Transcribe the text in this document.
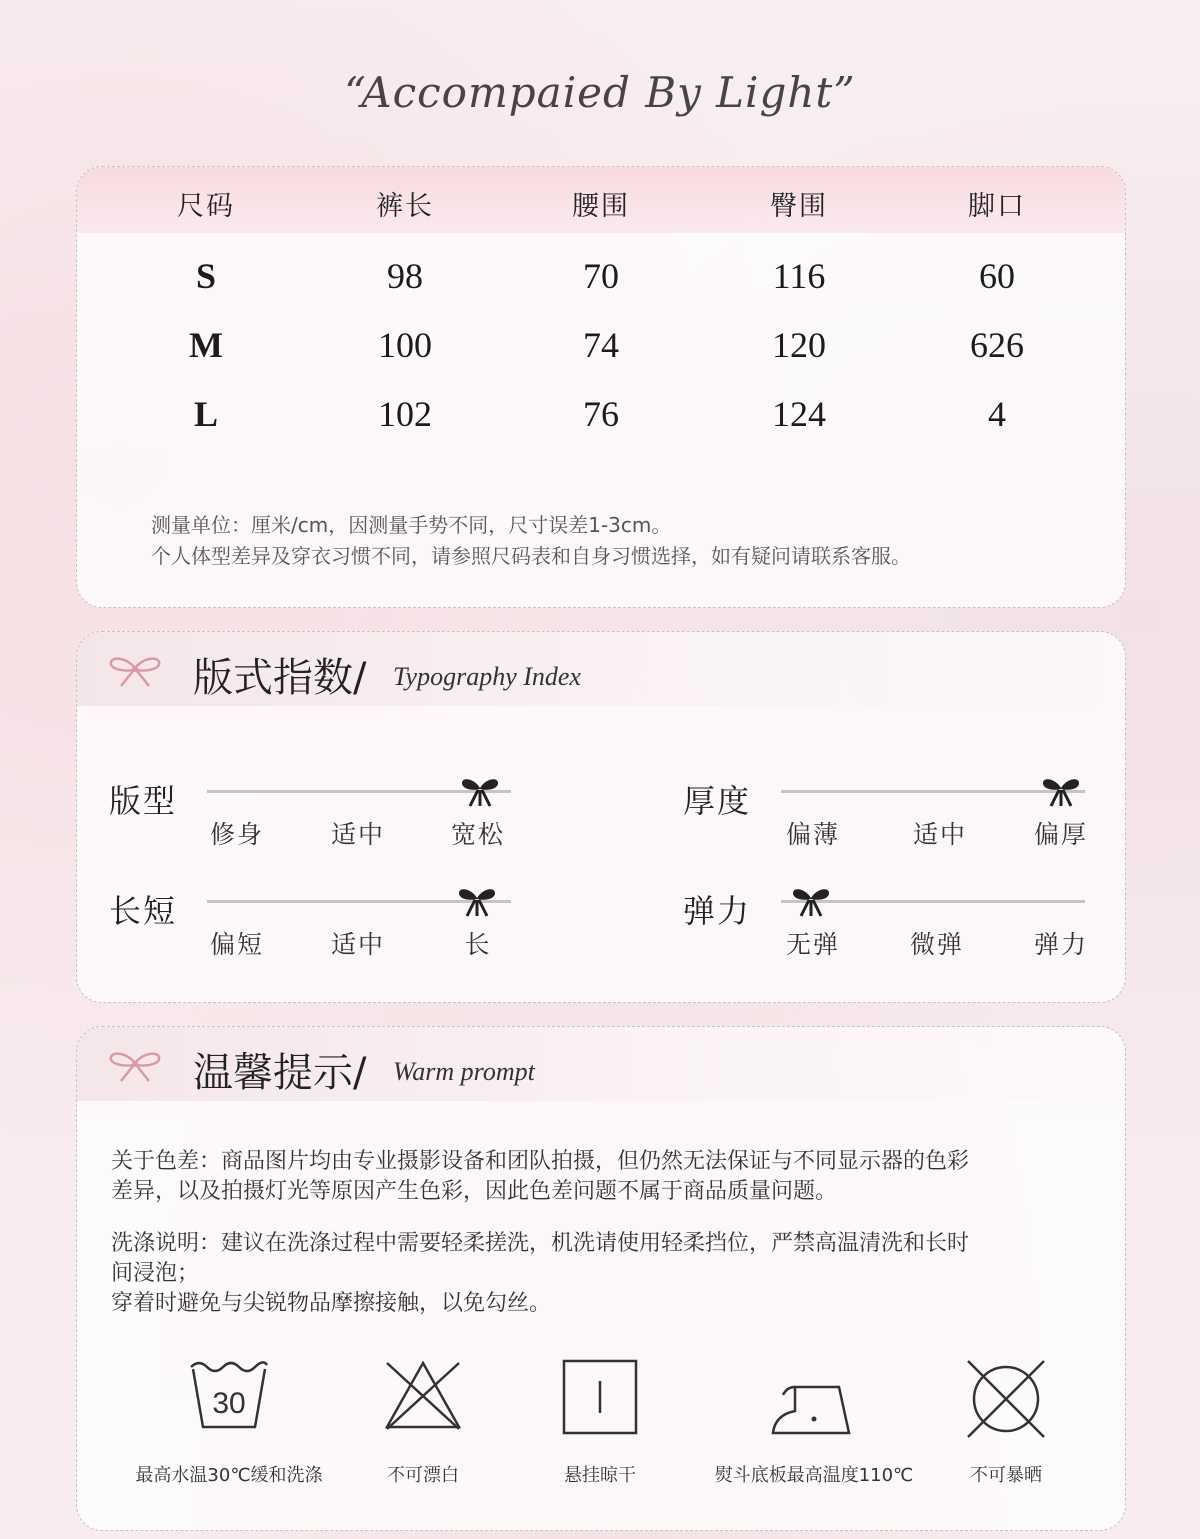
“Accompaied By Light”
尺码	裤长	腰围	臀围	脚口
S	98	70	116	60
M	100	74	120	626
L	102	76	124	4
测量单位：厘米/cm，因测量手势不同，尺寸误差1-3cm。
个人体型差异及穿衣习惯不同，请参照尺码表和自身习惯选择，如有疑问请联系客服。
版式指数/ Typography Index
版型
修身	适中	宽松
厚度
偏薄	适中	偏厚
长短
偏短	适中	长
弹力
无弹	微弹	弹力
温馨提示/ Warm prompt
关于色差：商品图片均由专业摄影设备和团队拍摄，但仍然无法保证与不同显示器的色彩
差异，以及拍摄灯光等原因产生色彩，因此色差问题不属于商品质量问题。
洗涤说明：建议在洗涤过程中需要轻柔搓洗，机洗请使用轻柔挡位，严禁高温清洗和长时
间浸泡；
穿着时避免与尖锐物品摩擦接触，以免勾丝。
30
最高水温30℃缓和洗涤	不可漂白	悬挂晾干	熨斗底板最高温度110℃	不可暴晒
